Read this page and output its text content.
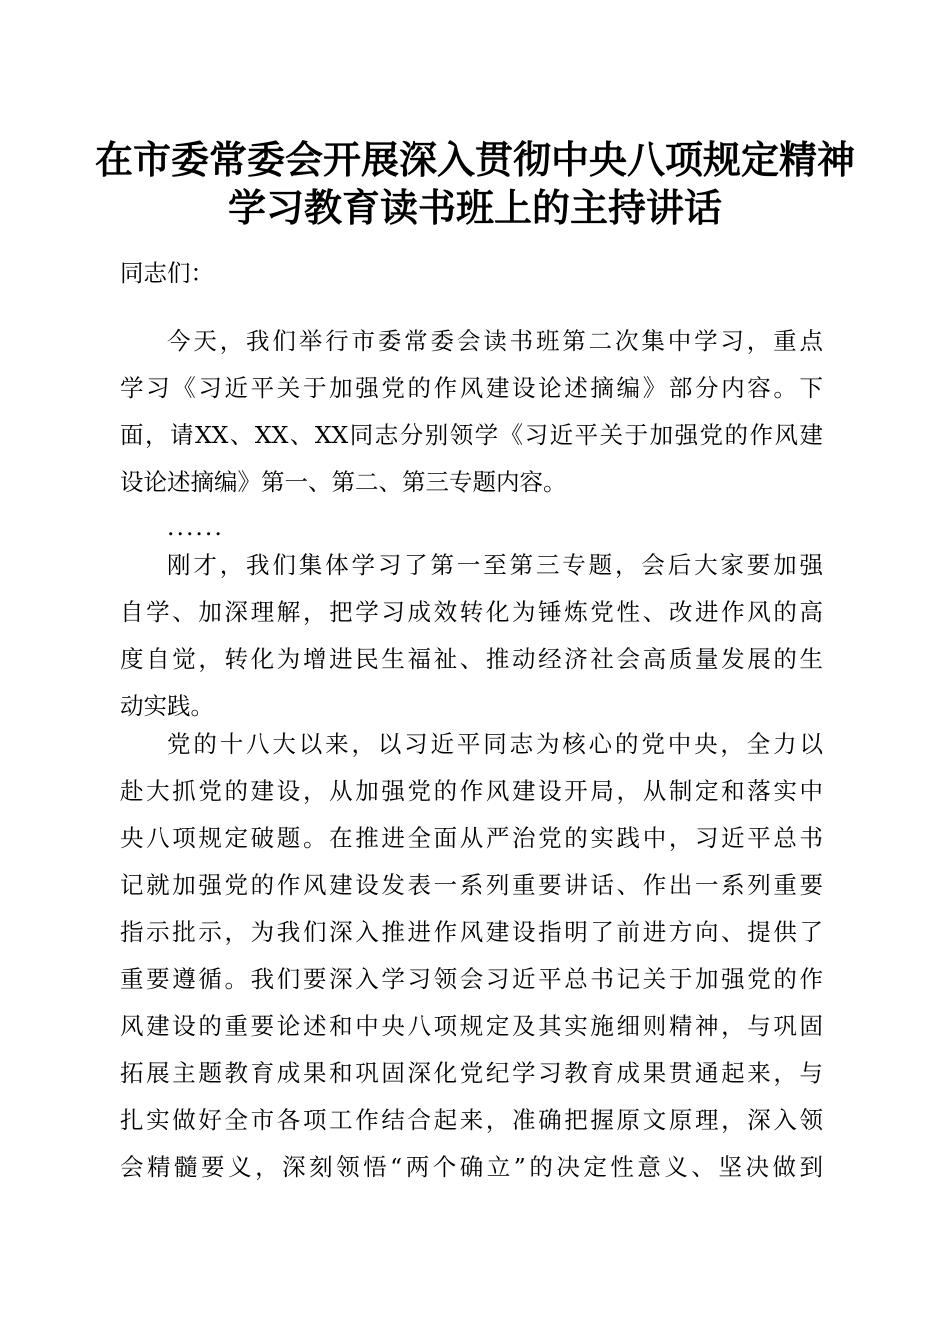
在市委常委会开展深入贯彻中央八项规定精神
学习教育读书班上的主持讲话
同志们：
今天，我们举行市委常委会读书班第二次集中学习，重点
学习《习近平关于加强党的作风建设论述摘编》部分内容。下
面，请XX、XX、XX同志分别领学《习近平关于加强党的作风建
设论述摘编》第一、第二、第三专题内容。
......
刚才，我们集体学习了第一至第三专题，会后大家要加强
自学、加深理解，把学习成效转化为锤炼党性、改进作风的高
度自觉，转化为增进民生福祉、推动经济社会高质量发展的生
动实践。
党的十八大以来，以习近平同志为核心的党中央，全力以
赴大抓党的建设，从加强党的作风建设开局，从制定和落实中
央八项规定破题。在推进全面从严治党的实践中，习近平总书
记就加强党的作风建设发表一系列重要讲话、作出一系列重要
指示批示，为我们深入推进作风建设指明了前进方向、提供了
重要遵循。我们要深入学习领会习近平总书记关于加强党的作
风建设的重要论述和中央八项规定及其实施细则精神，与巩固
拓展主题教育成果和巩固深化党纪学习教育成果贯通起来，与
扎实做好全市各项工作结合起来，准确把握原文原理，深入领
会精髓要义，深刻领悟“两个确立”的决定性意义、坚决做到
